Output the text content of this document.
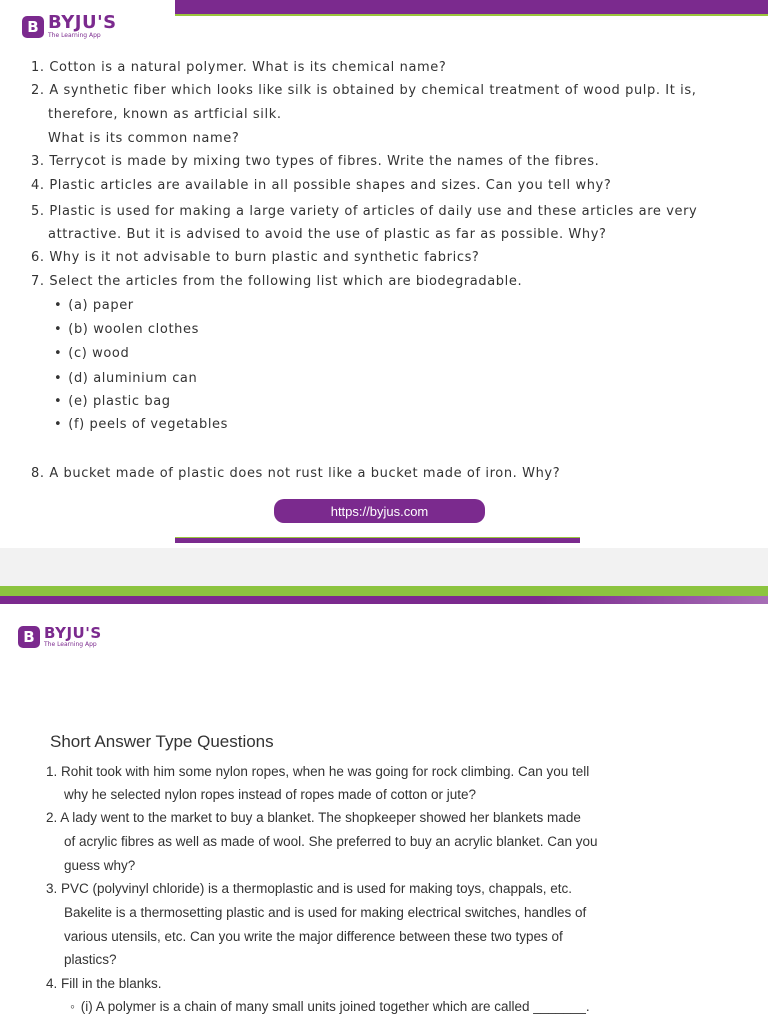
B BYJU'S
The Learning App
1. Cotton is a natural polymer. What is its chemical name?
2. A synthetic fiber which looks like silk is obtained by chemical treatment of wood pulp. It is,
therefore, known as artficial silk.
What is its common name?
3. Terrycot is made by mixing two types of fibres. Write the names of the fibres.
4. Plastic articles are available in all possible shapes and sizes. Can you tell why?
5. Plastic is used for making a large variety of articles of daily use and these articles are very
attractive. But it is advised to avoid the use of plastic as far as possible. Why?
6. Why is it not advisable to burn plastic and synthetic fabrics?
7. Select the articles from the following list which are biodegradable.
• (a) paper
• (b) woolen clothes
• (c) wood
• (d) aluminium can
• (e) plastic bag
• (f) peels of vegetables
8. A bucket made of plastic does not rust like a bucket made of iron. Why?
https://byjus.com
B BYJU'S
The Learning App
Short Answer Type Questions
1. Rohit took with him some nylon ropes, when he was going for rock climbing. Can you tell
why he selected nylon ropes instead of ropes made of cotton or jute?
2. A lady went to the market to buy a blanket. The shopkeeper showed her blankets made
of acrylic fibres as well as made of wool. She preferred to buy an acrylic blanket. Can you
guess why?
3. PVC (polyvinyl chloride) is a thermoplastic and is used for making toys, chappals, etc.
Bakelite is a thermosetting plastic and is used for making electrical switches, handles of
various utensils, etc. Can you write the major difference between these two types of
plastics?
4. Fill in the blanks.
◦ (i) A polymer is a chain of many small units joined together which are called _______.
